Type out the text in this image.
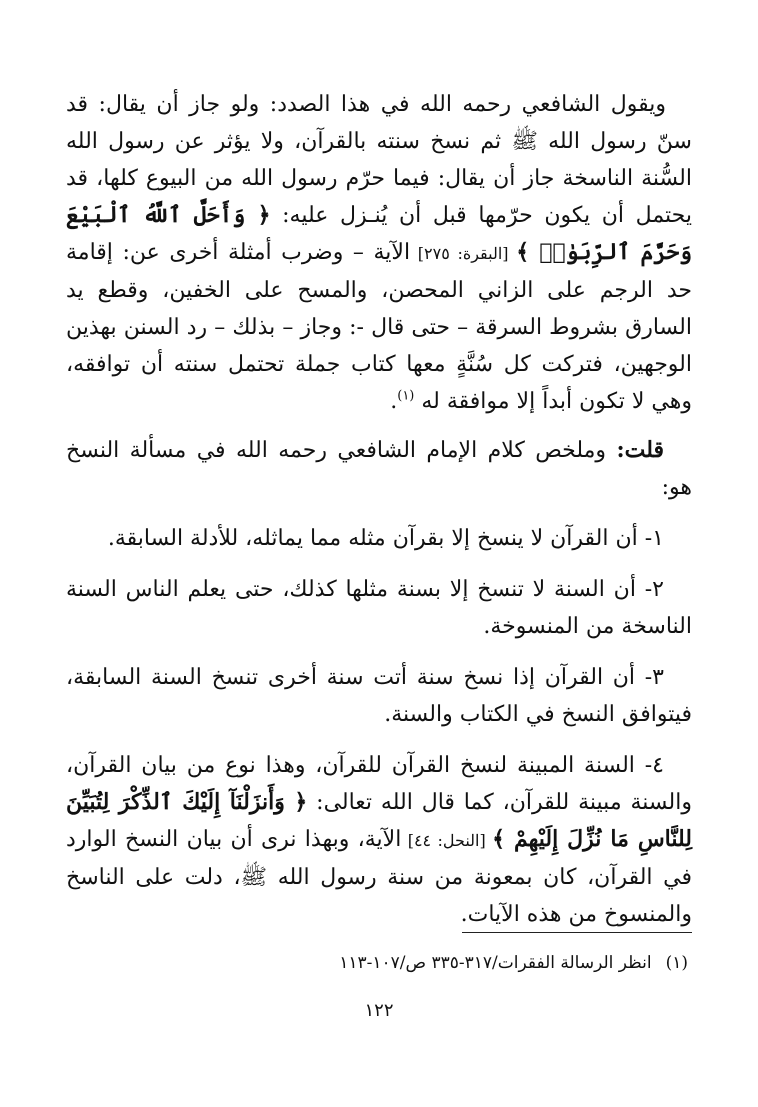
ويقول الشافعي رحمه الله في هذا الصدد: ولو جاز أن يقال: قد سنّ رسول الله ﷺ ثم نسخ سنته بالقرآن، ولا يؤثر عن رسول الله السُّنة الناسخة جاز أن يقال: فيما حرّم رسول الله من البيوع كلها، قد يحتمل أن يكون حرّمها قبل أن يُنـزل عليه: ﴿ وَأَحَلَّ ٱللَّهُ ٱلْبَيْعَ وَحَرَّمَ ٱلرِّبَوٰا۟ ﴾ [البقرة: ٢٧٥] الآية – وضرب أمثلة أخرى عن: إقامة حد الرجم على الزاني المحصن، والمسح على الخفين، وقطع يد السارق بشروط السرقة – حتى قال -: وجاز – بذلك – رد السنن بهذين الوجهين، فتركت كل سُنَّةٍ معها كتاب جملة تحتمل سنته أن توافقه، وهي لا تكون أبداً إلا موافقة له $^{(١)}$.

قلت: وملخص كلام الإمام الشافعي رحمه الله في مسألة النسخ هو:

١- أن القرآن لا ينسخ إلا بقرآن مثله مما يماثله، للأدلة السابقة.

٢- أن السنة لا تنسخ إلا بسنة مثلها كذلك، حتى يعلم الناس السنة الناسخة من المنسوخة.

٣- أن القرآن إذا نسخ سنة أتت سنة أخرى تنسخ السنة السابقة، فيتوافق النسخ في الكتاب والسنة.

٤- السنة المبينة لنسخ القرآن للقرآن، وهذا نوع من بيان القرآن، والسنة مبينة للقرآن، كما قال الله تعالى: ﴿ وَأَنزَلْنَآ إِلَيْكَ ٱلذِّكْرَ لِتُبَيِّنَ لِلنَّاسِ مَا نُزِّلَ إِلَيْهِمْ ﴾ [النحل: ٤٤] الآية، وبهذا نرى أن بيان النسخ الوارد في القرآن، كان بمعونة من سنة رسول الله ﷺ، دلت على الناسخ والمنسوخ من هذه الآيات.

(١)انظر الرسالة الفقرات/٣١٧-٣٣٥ ص/١٠٧-١١٣
١٢٢
